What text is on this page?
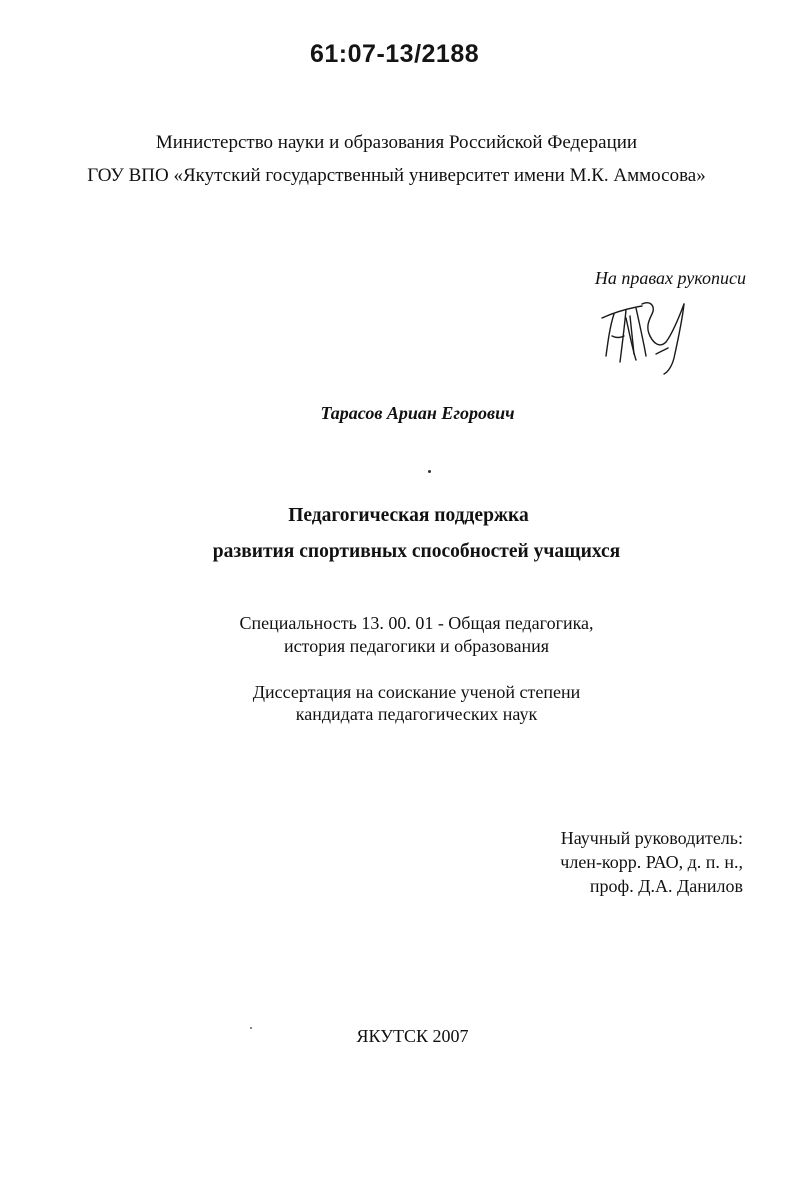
61:07-13/2188
Министерство науки и образования Российской Федерации
ГОУ ВПО «Якутский государственный университет имени М.К. Аммосова»
На правах рукописи
Тарасов Ариан Егорович
Педагогическая поддержка
развития спортивных способностей учащихся
Специальность 13. 00. 01 - Общая педагогика,
история педагогики и образования
Диссертация на соискание ученой степени
кандидата педагогических наук
Научный руководитель:
член-корр. РАО, д. п. н.,
проф. Д.А. Данилов
ЯКУТСК 2007
